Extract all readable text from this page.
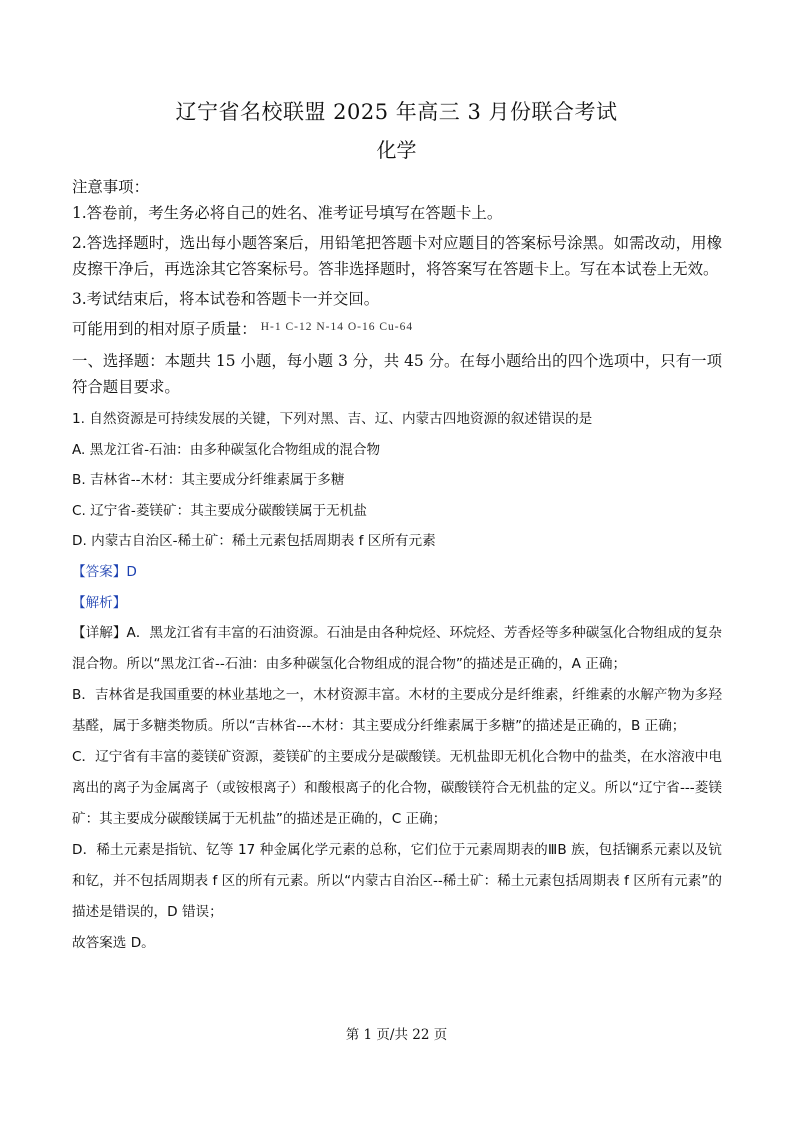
辽宁省名校联盟 2025 年高三 3 月份联合考试
化学

注意事项：

1.答卷前，考生务必将自己的姓名、准考证号填写在答题卡上。

2.答选择题时，选出每小题答案后，用铅笔把答题卡对应题目的答案标号涂黑。如需改动，用橡皮擦干净后，再选涂其它答案标号。答非选择题时，将答案写在答题卡上。写在本试卷上无效。

3.考试结束后，将本试卷和答题卡一并交回。

可能用到的相对原子质量： $^{H-1 C-12 N-14 O-16 Cu-64}$

一、选择题：本题共 15 小题，每小题 3 分，共 45 分。在每小题给出的四个选项中，只有一项符合题目要求。

1. 自然资源是可持续发展的关键，下列对黑、吉、辽、内蒙古四地资源的叙述错误的是

A. 黑龙江省-石油：由多种碳氢化合物组成的混合物

B. 吉林省--木材：其主要成分纤维素属于多糖

C. 辽宁省-菱镁矿：其主要成分碳酸镁属于无机盐

D. 内蒙古自治区-稀土矿：稀土元素包括周期表 f 区所有元素

【答案】D

【解析】

【详解】A．黑龙江省有丰富的石油资源。石油是由各种烷烃、环烷烃、芳香烃等多种碳氢化合物组成的复杂混合物。所以“黑龙江省--石油：由多种碳氢化合物组成的混合物”的描述是正确的，A 正确；

B．吉林省是我国重要的林业基地之一，木材资源丰富。木材的主要成分是纤维素，纤维素的水解产物为多羟基醛，属于多糖类物质。所以“吉林省---木材：其主要成分纤维素属于多糖”的描述是正确的，B 正确；

C．辽宁省有丰富的菱镁矿资源，菱镁矿的主要成分是碳酸镁。无机盐即无机化合物中的盐类，在水溶液中电离出的离子为金属离子（或铵根离子）和酸根离子的化合物，碳酸镁符合无机盐的定义。所以“辽宁省---菱镁矿：其主要成分碳酸镁属于无机盐”的描述是正确的，C 正确；

D．稀土元素是指钪、钇等 17 种金属化学元素的总称，它们位于元素周期表的ⅢB 族，包括镧系元素以及钪和钇，并不包括周期表 f 区的所有元素。所以“内蒙古自治区--稀土矿：稀土元素包括周期表 f 区所有元素”的描述是错误的，D 错误；

故答案选 D。

第 1 页/共 22 页
